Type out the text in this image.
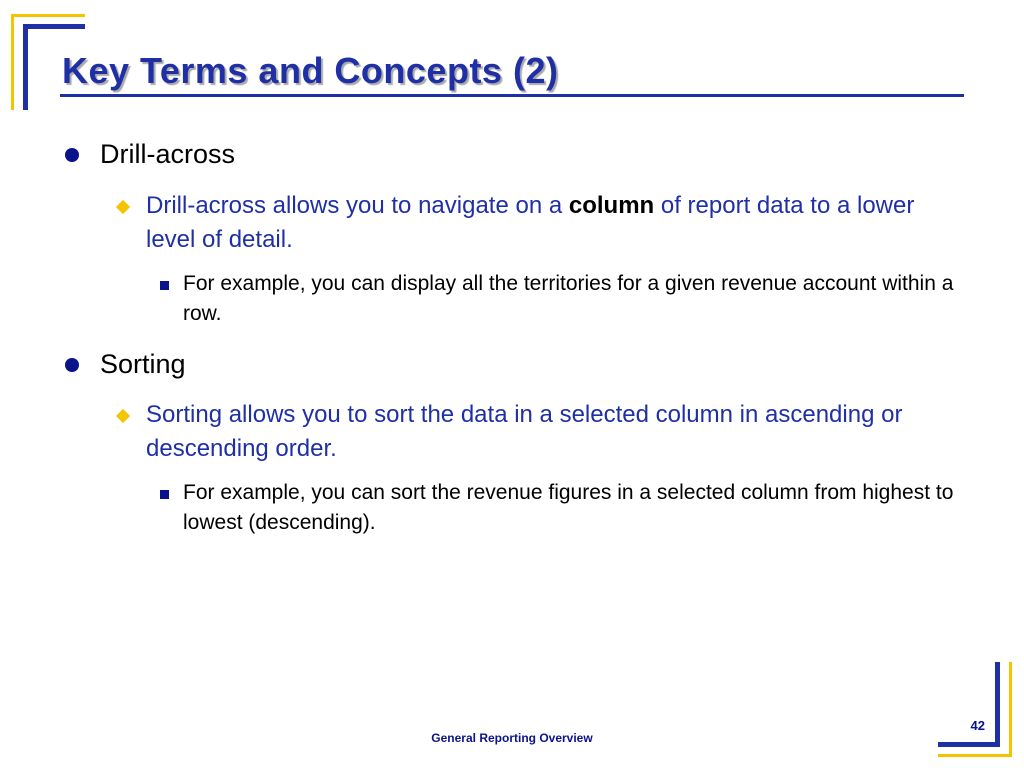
Key Terms and Concepts (2)
Drill-across
Drill-across allows you to navigate on a column of report data to a lower level of detail.
For example, you can display all the territories for a given revenue account within a row.
Sorting
Sorting allows you to sort the data in a selected column in ascending or descending order.
For example, you can sort the revenue figures in a selected column from highest to lowest (descending).
General Reporting Overview
42
